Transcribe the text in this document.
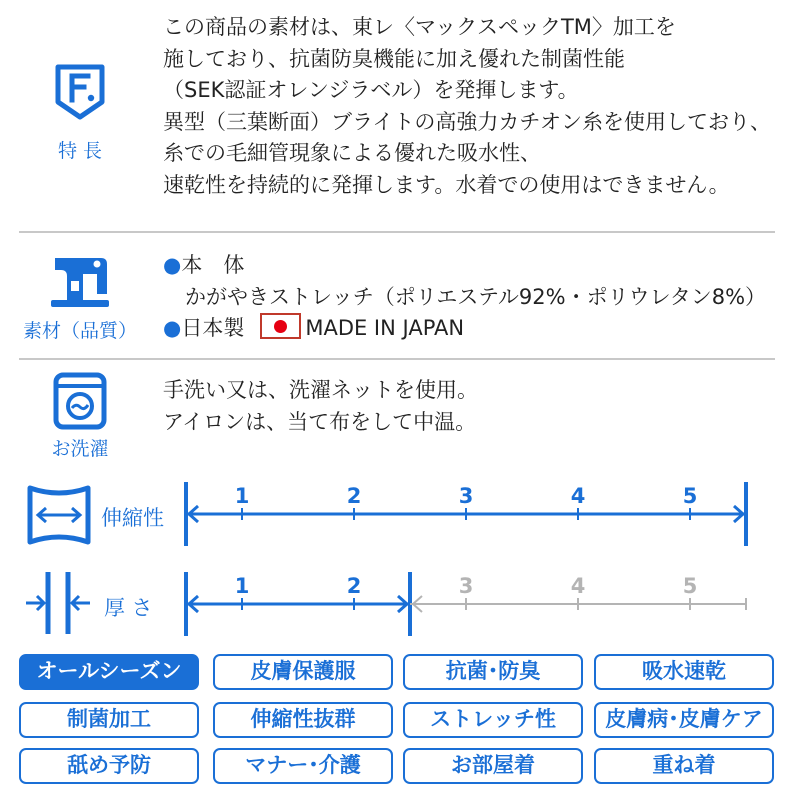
特 長
この商品の素材は、東レ〈マックスペックTM〉加工を
施しており、抗菌防臭機能に加え優れた制菌性能
（SEK認証オレンジラベル）を発揮します。
異型（三葉断面）ブライトの高強力カチオン糸を使用しており、
糸での毛細管現象による優れた吸水性、
速乾性を持続的に発揮します。水着での使用はできません。
素材（品質）
●本　体
かがやきストレッチ（ポリエステル92%・ポリウレタン8%）
●日本製	MADE IN JAPAN
お洗濯
手洗い又は、洗濯ネットを使用。
アイロンは、当て布をして中温。
伸縮性
1	2	3	4	5
厚 さ
1	2	3	4	5
オールシーズン	皮膚保護服	抗菌･防臭	吸水速乾
制菌加工	伸縮性抜群	ストレッチ性	皮膚病･皮膚ケア
舐め予防	マナー･介護	お部屋着	重ね着
